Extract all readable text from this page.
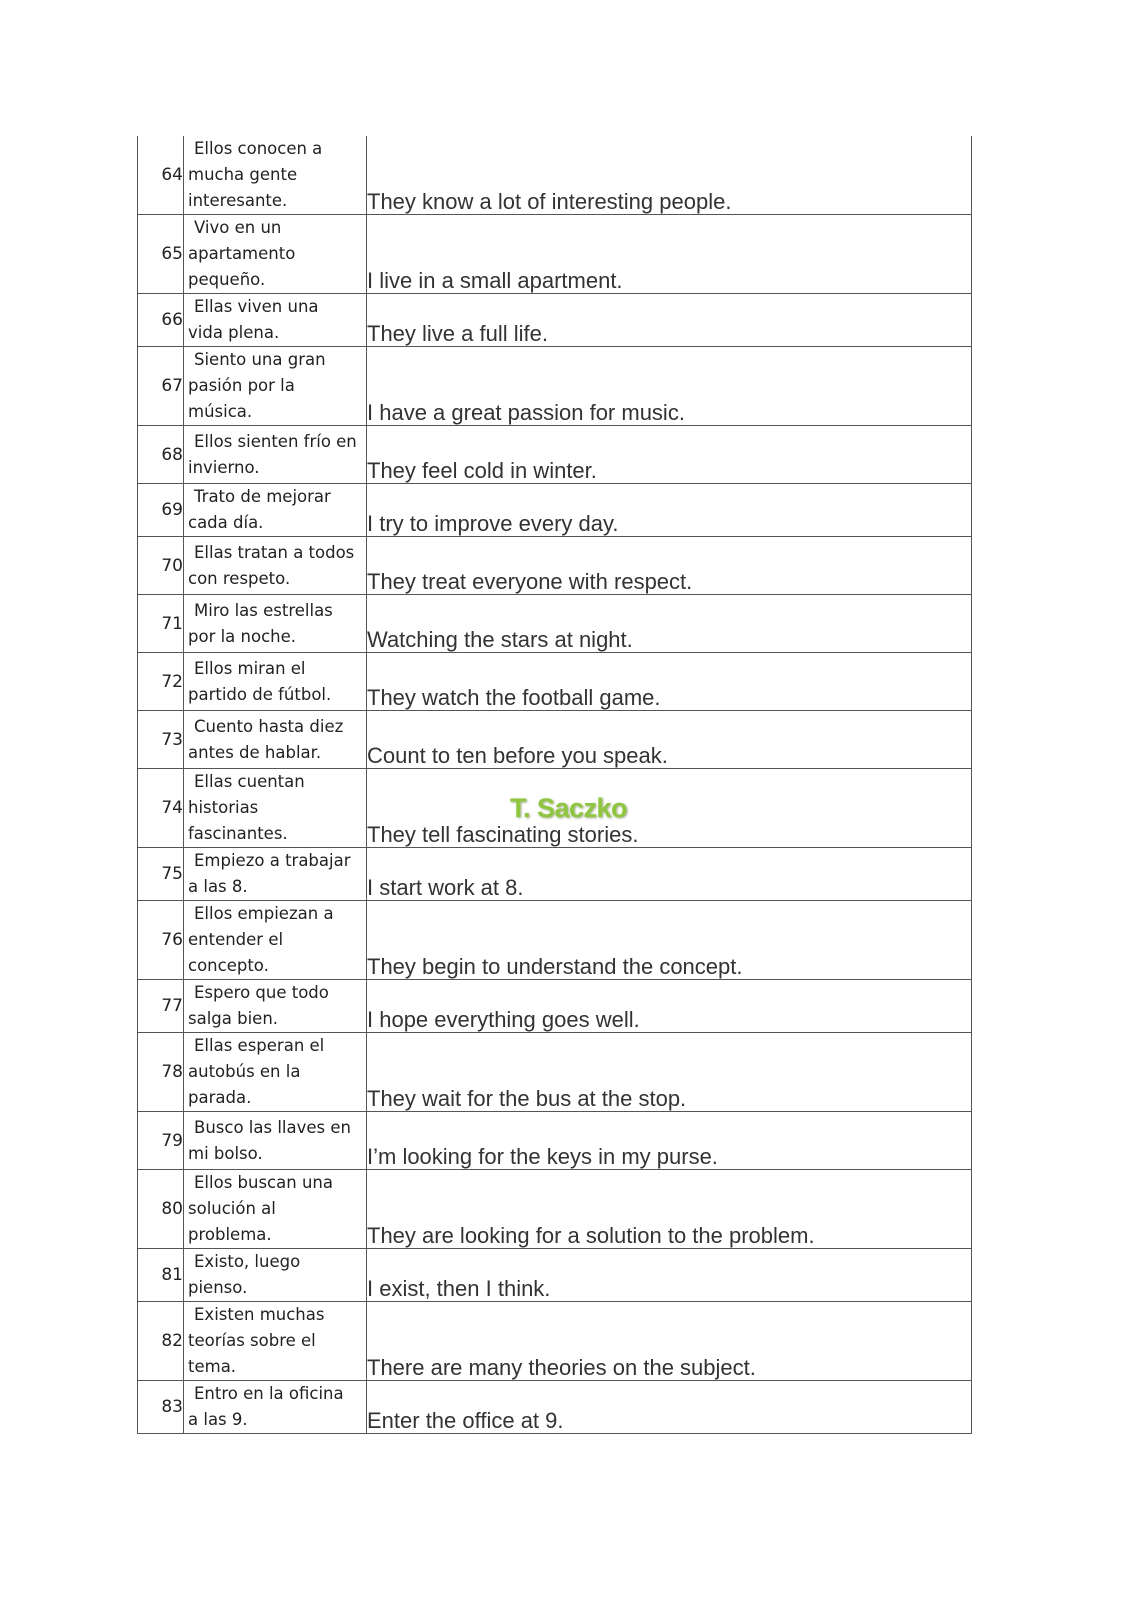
64	Ellos conocen a mucha gente interesante.	They know a lot of interesting people.
65	Vivo en un apartamento pequeño.	I live in a small apartment.
66	Ellas viven una vida plena.	They live a full life.
67	Siento una gran pasión por la música.	I have a great passion for music.
68	Ellos sienten frío en invierno.	They feel cold in winter.
69	Trato de mejorar cada día.	I try to improve every day.
70	Ellas tratan a todos con respeto.	They treat everyone with respect.
71	Miro las estrellas por la noche.	Watching the stars at night.
72	Ellos miran el partido de fútbol.	They watch the football game.
73	Cuento hasta diez antes de hablar.	Count to ten before you speak.
74	Ellas cuentan historias fascinantes.	They tell fascinating stories.
75	Empiezo a trabajar a las 8.	I start work at 8.
76	Ellos empiezan a entender el concepto.	They begin to understand the concept.
77	Espero que todo salga bien.	I hope everything goes well.
78	Ellas esperan el autobús en la parada.	They wait for the bus at the stop.
79	Busco las llaves en mi bolso.	I’m looking for the keys in my purse.
80	Ellos buscan una solución al problema.	They are looking for a solution to the problem.
81	Existo, luego pienso.	I exist, then I think.
82	Existen muchas teorías sobre el tema.	There are many theories on the subject.
83	Entro en la oficina a las 9.	Enter the office at 9.
T. Saczko
